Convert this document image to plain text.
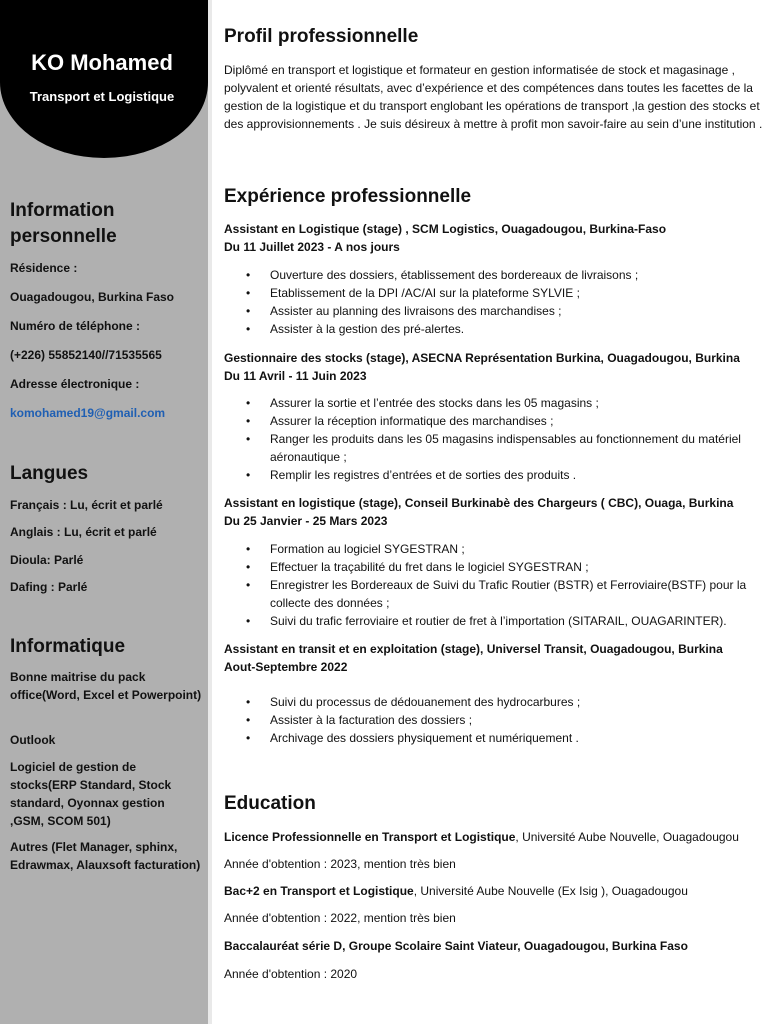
KO Mohamed
Transport et Logistique
Information
personnelle
Résidence :
Ouagadougou, Burkina Faso
Numéro de téléphone :
(+226) 55852140//71535565
Adresse électronique :
komohamed19@gmail.com
Langues
Français : Lu, écrit et parlé
Anglais : Lu, écrit et parlé
Dioula: Parlé
Dafing : Parlé
Informatique
Bonne maitrise du pack office(Word, Excel et Powerpoint)
Outlook
Logiciel de gestion de stocks(ERP Standard, Stock standard, Oyonnax gestion ,GSM, SCOM 501)
Autres (Flet Manager, sphinx, Edrawmax, Alauxsoft facturation)
Profil professionnelle
Diplômé en transport et logistique et formateur en gestion informatisée de stock et magasinage , polyvalent et orienté résultats, avec d’expérience et des compétences dans toutes les facettes de la gestion de la logistique et du transport englobant les opérations de transport ,la gestion des stocks et des approvisionnements . Je suis désireux à mettre à profit mon savoir-faire au sein d’une institution .
Expérience professionnelle
Assistant en Logistique (stage) , SCM Logistics, Ouagadougou, Burkina-Faso
Du 11 Juillet 2023 - A nos jours
• Ouverture des dossiers, établissement des bordereaux de livraisons ;
• Etablissement de la DPI /AC/AI sur la plateforme SYLVIE ;
• Assister au planning des livraisons des marchandises ;
• Assister à la gestion des pré-alertes.
Gestionnaire des stocks (stage), ASECNA Représentation Burkina, Ouagadougou, Burkina
Du 11 Avril - 11 Juin 2023
• Assurer la sortie et l’entrée des stocks dans les 05 magasins ;
• Assurer la réception informatique des marchandises ;
• Ranger les produits dans les 05 magasins indispensables au fonctionnement du matériel aéronautique ;
• Remplir les registres d’entrées et de sorties des produits .
Assistant en logistique (stage), Conseil Burkinabè des Chargeurs ( CBC), Ouaga, Burkina
Du 25 Janvier - 25 Mars 2023
• Formation au logiciel SYGESTRAN ;
• Effectuer la traçabilité du fret dans le logiciel SYGESTRAN ;
• Enregistrer les Bordereaux de Suivi du Trafic Routier (BSTR) et Ferroviaire(BSTF) pour la collecte des données ;
• Suivi du trafic ferroviaire et routier de fret à l’importation (SITARAIL, OUAGARINTER).
Assistant en transit et en exploitation (stage), Universel Transit, Ouagadougou, Burkina
Aout-Septembre 2022
• Suivi du processus de dédouanement des hydrocarbures ;
• Assister à la facturation des dossiers ;
• Archivage des dossiers physiquement et numériquement .
Education
Licence Professionnelle en Transport et Logistique, Université Aube Nouvelle, Ouagadougou
Année d'obtention : 2023, mention très bien
Bac+2 en Transport et Logistique, Université Aube Nouvelle (Ex Isig ), Ouagadougou
Année d'obtention : 2022, mention très bien
Baccalauréat série D, Groupe Scolaire Saint Viateur, Ouagadougou, Burkina Faso
Année d'obtention : 2020
